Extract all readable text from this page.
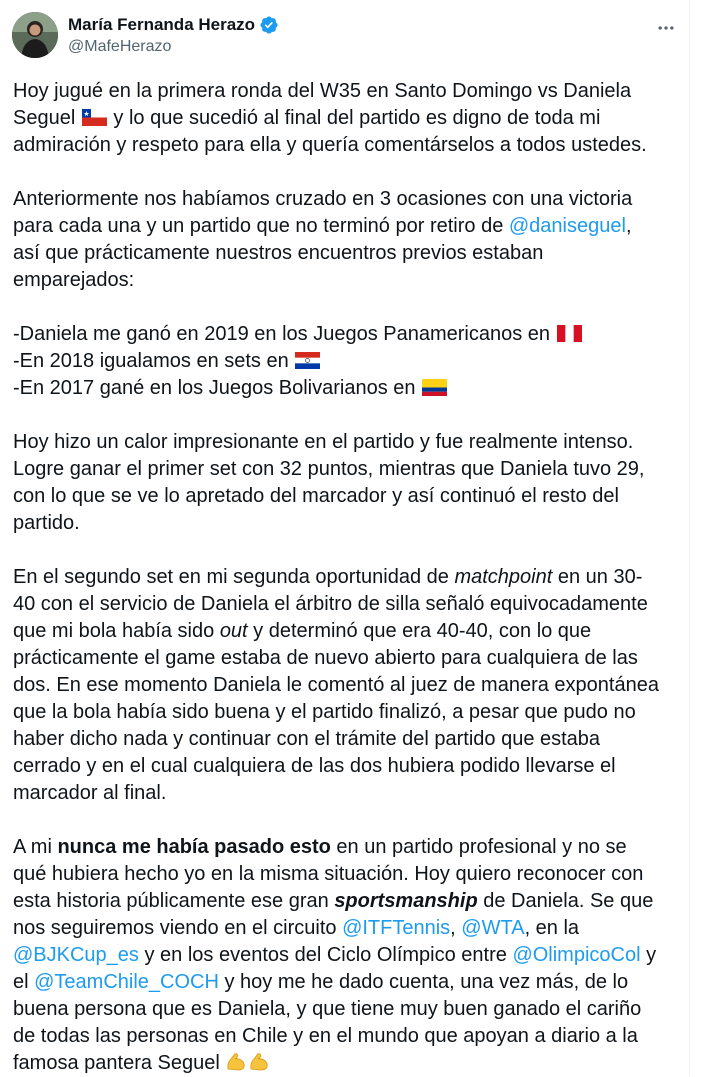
María Fernanda Herazo
@MafeHerazo

Hoy jugué en la primera ronda del W35 en Santo Domingo vs Daniela Seguel
y lo que sucedió al final del partido es digno de toda mi admiración y respeto para ella y quería comentárselos a todos ustedes.

Anteriormente nos habíamos cruzado en 3 ocasiones con una victoria para cada una y un partido que no terminó por retiro de @daniseguel, así que prácticamente nuestros encuentros previos estaban emparejados:

-Daniela me ganó en 2019 en los Juegos Panamericanos en

-En 2018 igualamos en sets en

-En 2017 gané en los Juegos Bolivarianos en

Hoy hizo un calor impresionante en el partido y fue realmente intenso. Logre ganar el primer set con 32 puntos, mientras que Daniela tuvo 29, con lo que se ve lo apretado del marcador y así continuó el resto del partido.

En el segundo set en mi segunda oportunidad de matchpoint en un 30-40 con el servicio de Daniela el árbitro de silla señaló equivocadamente que mi bola había sido out y determinó que era 40-40, con lo que prácticamente el game estaba de nuevo abierto para cualquiera de las dos. En ese momento Daniela le comentó al juez de manera expontánea que la bola había sido buena y el partido finalizó, a pesar que pudo no haber dicho nada y continuar con el trámite del partido que estaba cerrado y en el cual cualquiera de las dos hubiera podido llevarse el marcador al final.

A mi nunca me había pasado esto en un partido profesional y no se qué hubiera hecho yo en la misma situación. Hoy quiero reconocer con esta historia públicamente ese gran sportsmanship de Daniela. Se que nos seguiremos viendo en el circuito @ITFTennis, @WTA, en la @BJKCup_es y en los eventos del Ciclo Olímpico entre @OlimpicoCol y el @TeamChile_COCH y hoy me he dado cuenta, una vez más, de lo buena persona que es Daniela, y que tiene muy buen ganado el cariño de todas las personas en Chile y en el mundo que apoyan a diario a la famosa pantera Seguel
